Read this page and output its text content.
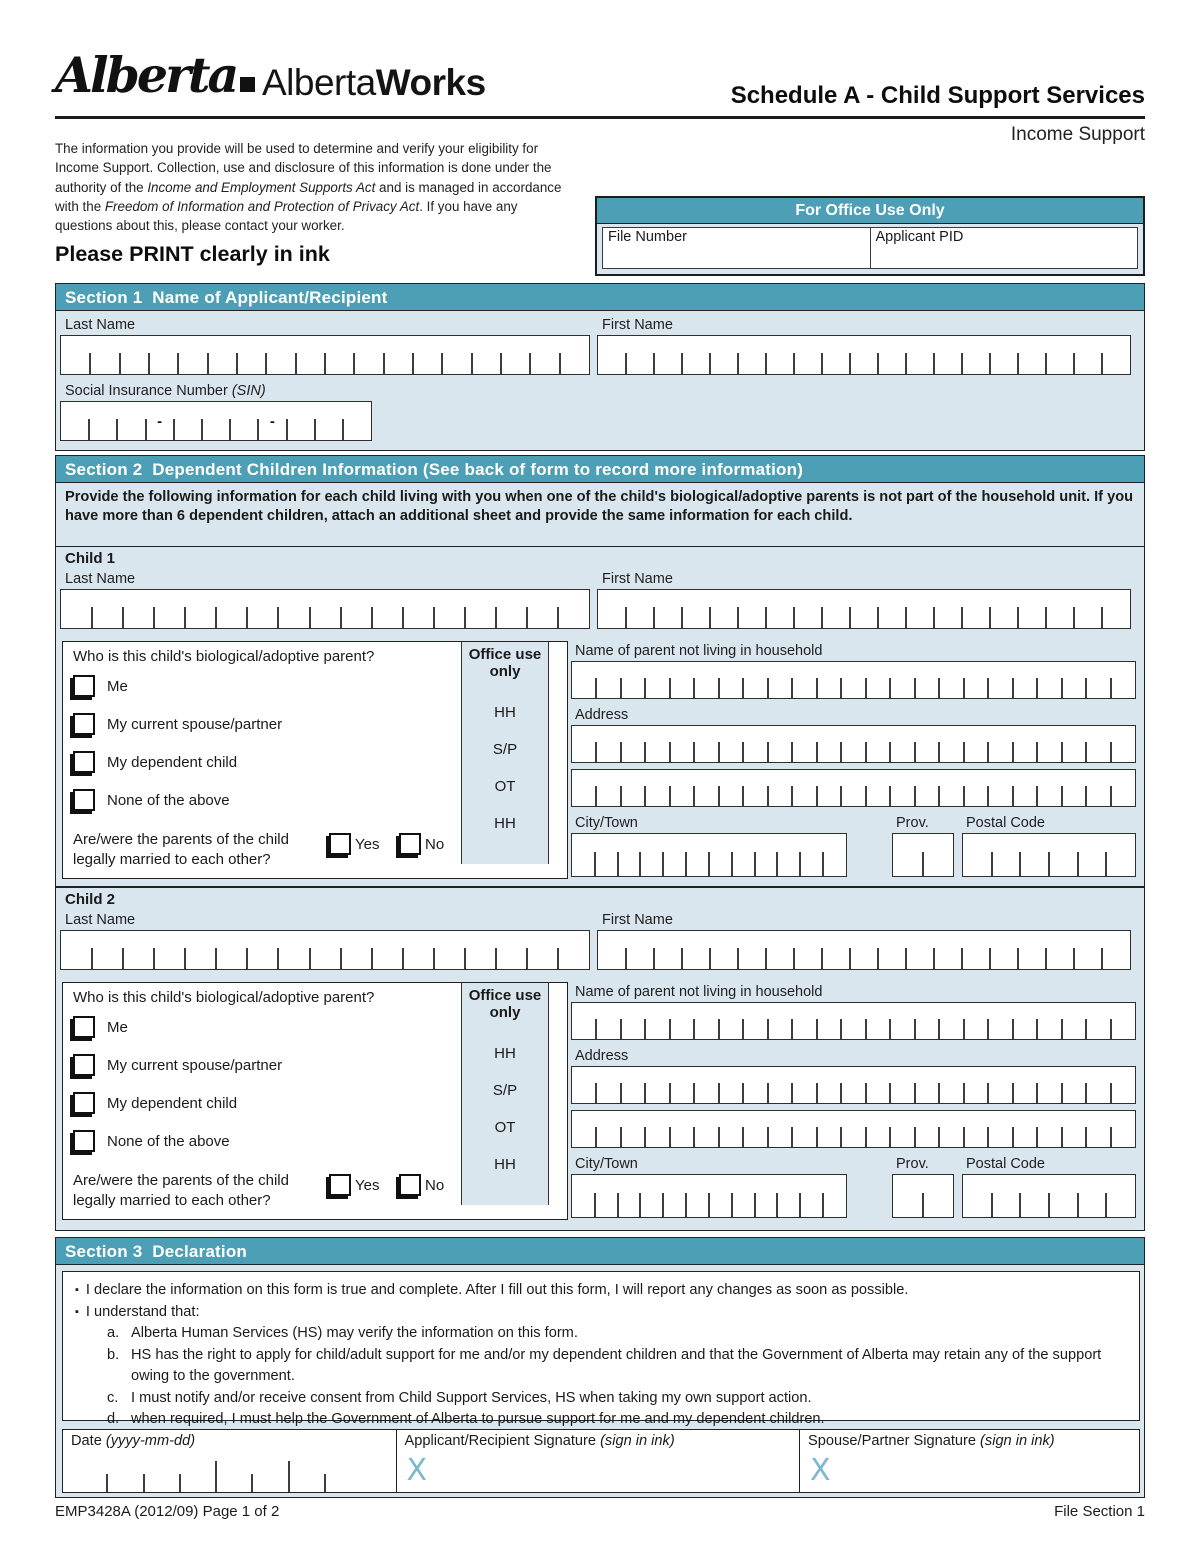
Alberta AlbertaWorks	Schedule A - Child Support Services
Income Support
The information you provide will be used to determine and verify your eligibility for Income Support. Collection, use and disclosure of this information is done under the authority of the Income and Employment Supports Act and is managed in accordance with the Freedom of Information and Protection of Privacy Act. If you have any questions about this, please contact your worker.
Please PRINT clearly in ink
For Office Use Only
File Number	Applicant PID
Section 1  Name of Applicant/Recipient
Last Name	First Name
Social Insurance Number (SIN)
-	-
Section 2  Dependent Children Information (See back of form to record more information)
Provide the following information for each child living with you when one of the child's biological/adoptive parents is not part of the household unit. If you have more than 6 dependent children, attach an additional sheet and provide the same information for each child.
Child 1
Last Name	First Name
Who is this child's biological/adoptive parent?
Me
My current spouse/partner
My dependent child
None of the above
Office use only
HH
S/P
OT
HH
Are/were the parents of the child
legally married to each other?
Yes	No
Name of parent not living in household
Address
City/Town	Prov.	Postal Code
Child 2
Last Name	First Name
Who is this child's biological/adoptive parent?
Me
My current spouse/partner
My dependent child
None of the above
Office use only
HH
S/P
OT
HH
Are/were the parents of the child
legally married to each other?
Yes	No
Name of parent not living in household
Address
City/Town	Prov.	Postal Code
Section 3  Declaration
▪ I declare the information on this form is true and complete. After I fill out this form, I will report any changes as soon as possible.
▪ I understand that:
a. Alberta Human Services (HS) may verify the information on this form.
b. HS has the right to apply for child/adult support for me and/or my dependent children and that the Government of Alberta may retain any of the support owing to the government.
c. I must notify and/or receive consent from Child Support Services, HS when taking my own support action.
d. when required, I must help the Government of Alberta to pursue support for me and my dependent children.
Date (yyyy-mm-dd)	Applicant/Recipient Signature (sign in ink)
X
Spouse/Partner Signature (sign in ink)
X
EMP3428A (2012/09) Page 1 of 2	File Section 1
